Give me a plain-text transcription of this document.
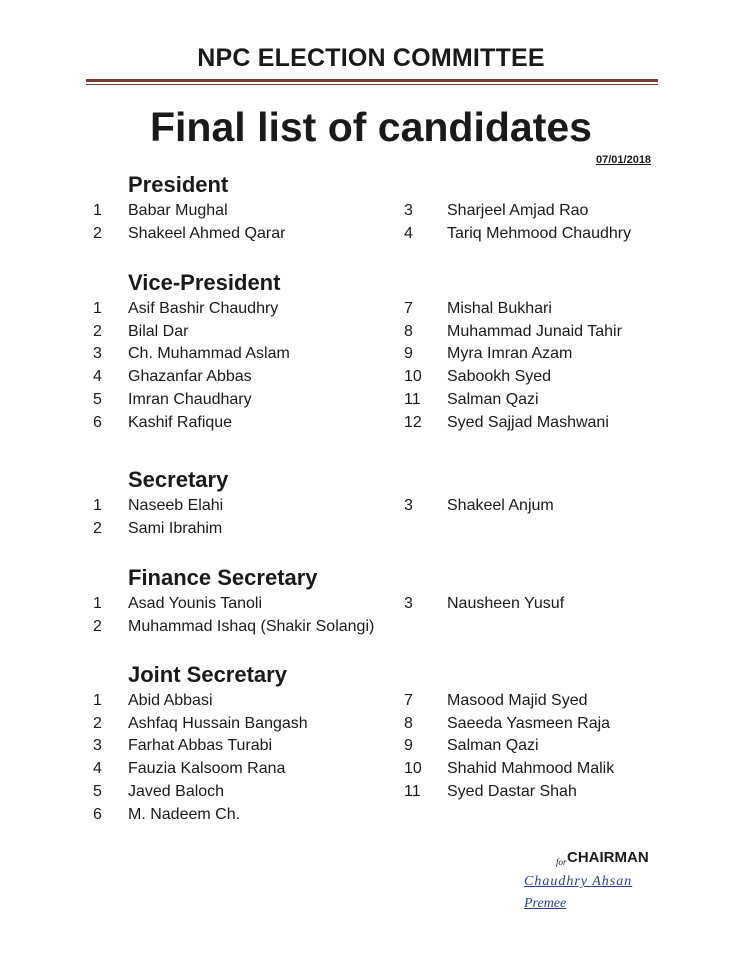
NPC ELECTION COMMITTEE
Final list of candidates
07/01/2018
President
1 Babar Mughal
2 Shakeel Ahmed Qarar
3 Sharjeel Amjad Rao
4 Tariq Mehmood Chaudhry
Vice-President
1 Asif Bashir Chaudhry
2 Bilal Dar
3 Ch. Muhammad Aslam
4 Ghazanfar Abbas
5 Imran Chaudhary
6 Kashif Rafique
7 Mishal Bukhari
8 Muhammad Junaid Tahir
9 Myra Imran Azam
10 Sabookh Syed
11 Salman Qazi
12 Syed Sajjad Mashwani
Secretary
1 Naseeb Elahi
2 Sami Ibrahim
3 Shakeel Anjum
Finance Secretary
1 Asad Younis Tanoli
2 Muhammad Ishaq (Shakir Solangi)
3 Nausheen Yusuf
Joint Secretary
1 Abid Abbasi
2 Ashfaq Hussain Bangash
3 Farhat Abbas Turabi
4 Fauzia Kalsoom Rana
5 Javed Baloch
6 M. Nadeem Ch.
7 Masood Majid Syed
8 Saeeda Yasmeen Raja
9 Salman Qazi
10 Shahid Mahmood Malik
11 Syed Dastar Shah
for CHAIRMAN
Chaudhry Ahsan
Premee
